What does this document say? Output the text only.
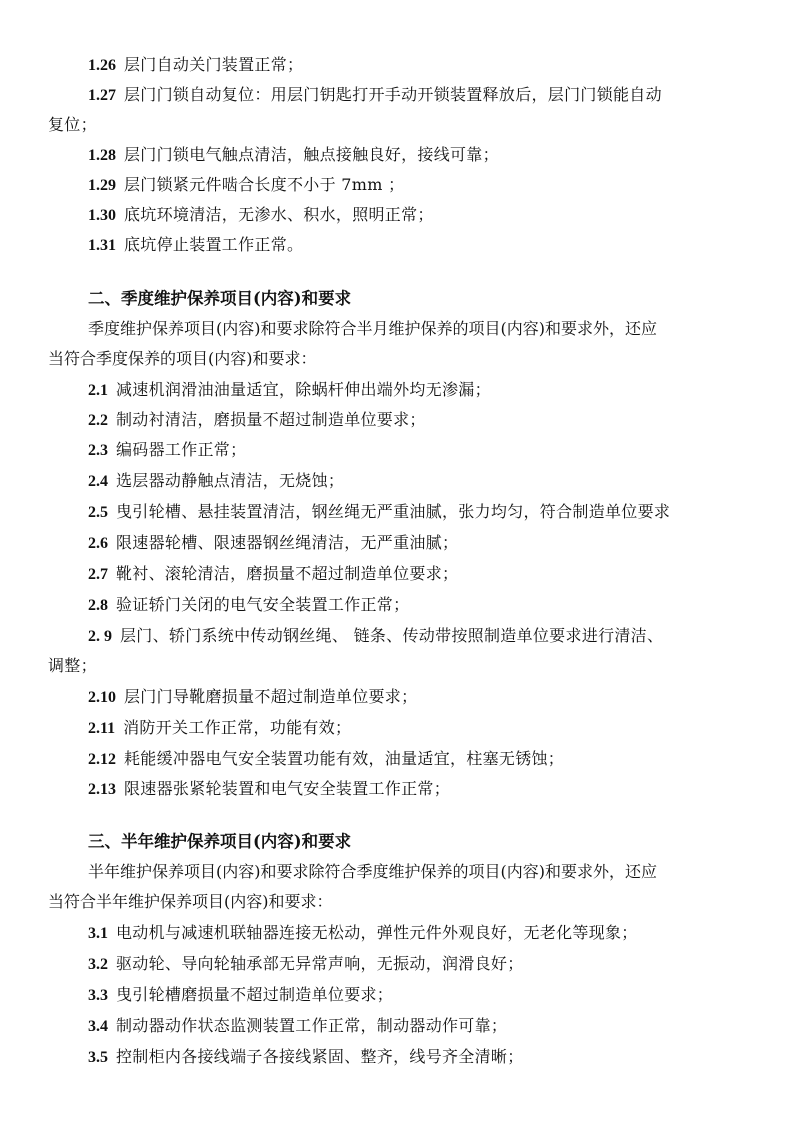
1.26 层门自动关门装置正常；
1.27 层门门锁自动复位：用层门钥匙打开手动开锁装置释放后，层门门锁能自动
复位；
1.28 层门门锁电气触点清洁，触点接触良好，接线可靠；
1.29 层门锁紧元件啮合长度不小于 7mm ；
1.30 底坑环境清洁，无渗水、积水，照明正常；
1.31 底坑停止装置工作正常。
二、季度维护保养项目(内容)和要求
季度维护保养项目(内容)和要求除符合半月维护保养的项目(内容)和要求外，还应
当符合季度保养的项目(内容)和要求：
2.1 减速机润滑油油量适宜，除蜗杆伸出端外均无渗漏；
2.2 制动衬清洁，磨损量不超过制造单位要求；
2.3 编码器工作正常；
2.4 选层器动静触点清洁，无烧蚀；
2.5 曳引轮槽、悬挂装置清洁，钢丝绳无严重油腻，张力均匀，符合制造单位要求
2.6 限速器轮槽、限速器钢丝绳清洁，无严重油腻；
2.7 靴衬、滚轮清洁，磨损量不超过制造单位要求；
2.8 验证轿门关闭的电气安全装置工作正常；
2. 9 层门、轿门系统中传动钢丝绳、 链条、传动带按照制造单位要求进行清洁、
调整；
2.10 层门门导靴磨损量不超过制造单位要求；
2.11 消防开关工作正常，功能有效；
2.12 耗能缓冲器电气安全装置功能有效，油量适宜，柱塞无锈蚀；
2.13 限速器张紧轮装置和电气安全装置工作正常；
三、半年维护保养项目(内容)和要求
半年维护保养项目(内容)和要求除符合季度维护保养的项目(内容)和要求外，还应
当符合半年维护保养项目(内容)和要求：
3.1 电动机与减速机联轴器连接无松动，弹性元件外观良好，无老化等现象；
3.2 驱动轮、导向轮轴承部无异常声响，无振动，润滑良好；
3.3 曳引轮槽磨损量不超过制造单位要求；
3.4 制动器动作状态监测装置工作正常，制动器动作可靠；
3.5 控制柜内各接线端子各接线紧固、整齐，线号齐全清晰；
